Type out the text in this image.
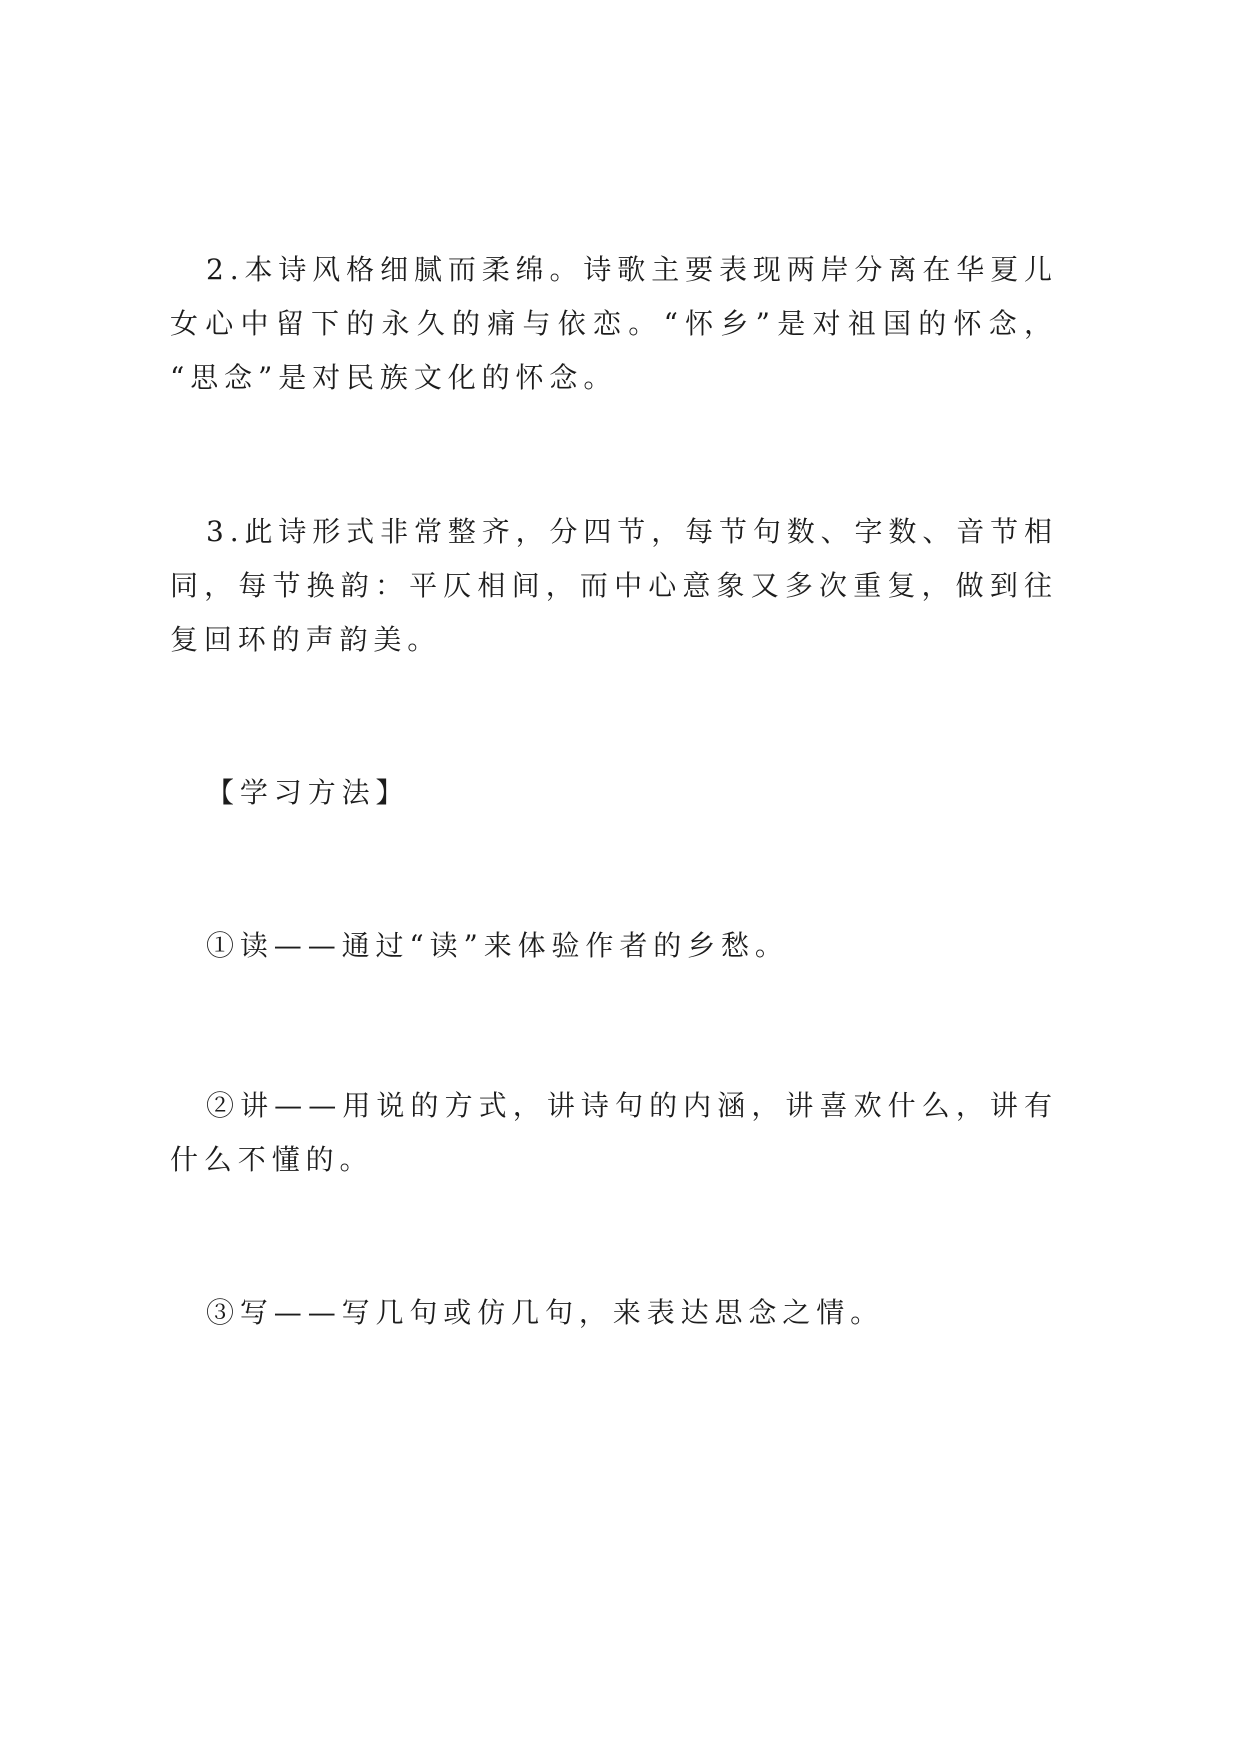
2.本诗风格细腻而柔绵。诗歌主要表现两岸分离在华夏儿
女心中留下的永久的痛与依恋。“怀乡”是对祖国的怀念，
“思念”是对民族文化的怀念。
3.此诗形式非常整齐，分四节，每节句数、字数、音节相
同，每节换韵：平仄相间，而中心意象又多次重复，做到往
复回环的声韵美。
【学习方法】
①读——通过“读”来体验作者的乡愁。
②讲——用说的方式，讲诗句的内涵，讲喜欢什么，讲有
什么不懂的。
③写——写几句或仿几句，来表达思念之情。
